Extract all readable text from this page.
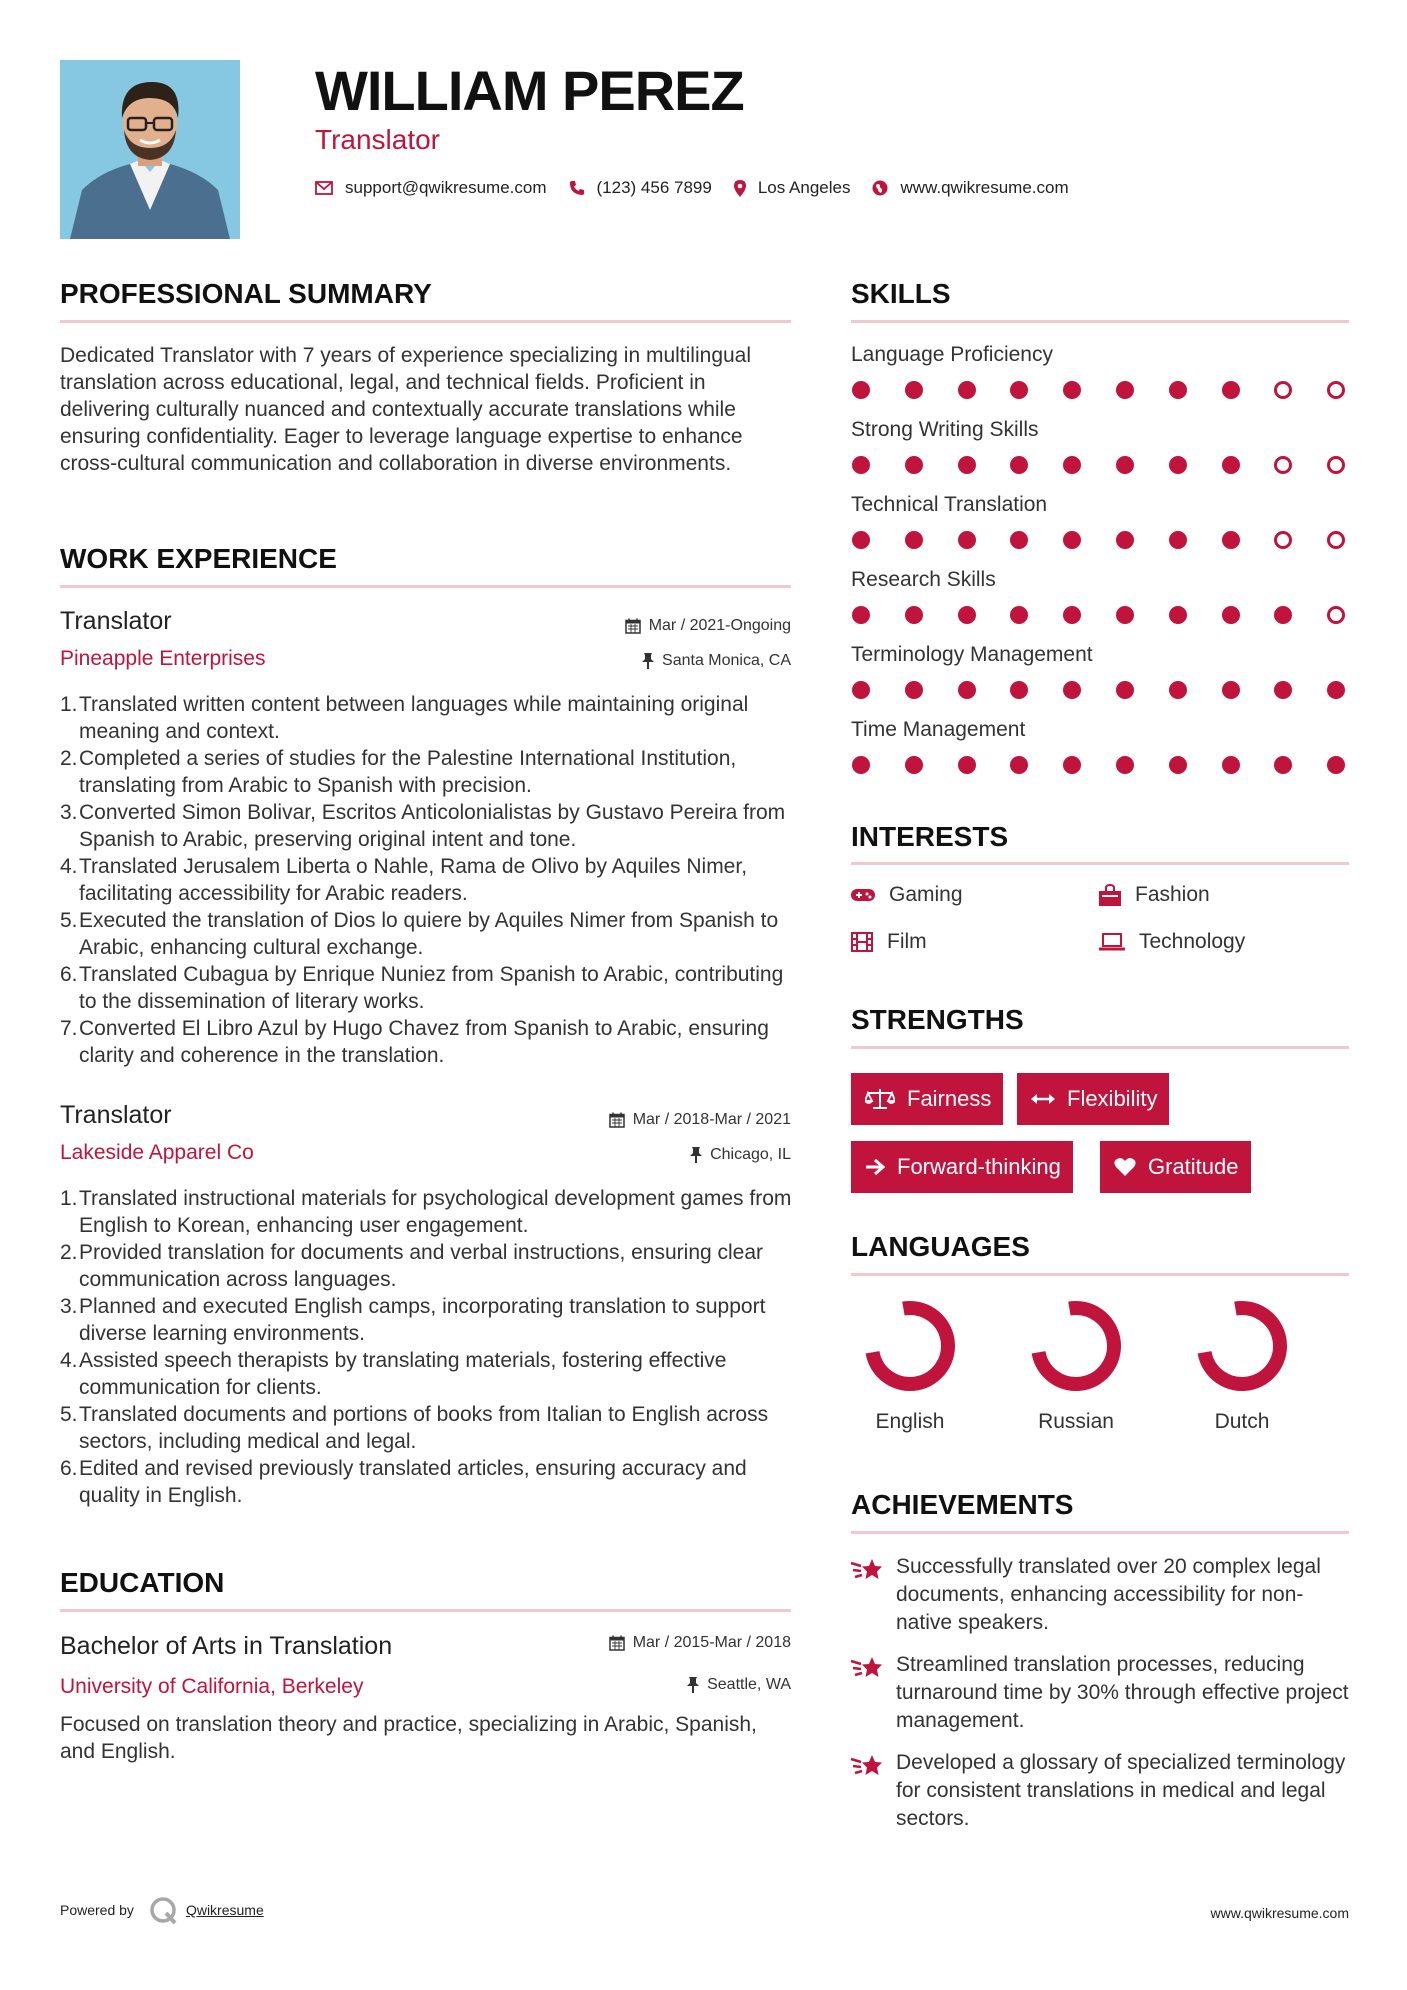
WILLIAM PEREZ
Translator
support@qwikresume.com	(123) 456 7899	Los Angeles	www.qwikresume.com
PROFESSIONAL SUMMARY
Dedicated Translator with 7 years of experience specializing in multilingual translation across educational, legal, and technical fields. Proficient in delivering culturally nuanced and contextually accurate translations while ensuring confidentiality. Eager to leverage language expertise to enhance cross-cultural communication and collaboration in diverse environments.
WORK EXPERIENCE
Translator	Mar / 2021-Ongoing
Pineapple Enterprises	Santa Monica, CA
1. Translated written content between languages while maintaining original meaning and context.
2. Completed a series of studies for the Palestine International Institution, translating from Arabic to Spanish with precision.
3. Converted Simon Bolivar, Escritos Anticolonialistas by Gustavo Pereira from Spanish to Arabic, preserving original intent and tone.
4. Translated Jerusalem Liberta o Nahle, Rama de Olivo by Aquiles Nimer, facilitating accessibility for Arabic readers.
5. Executed the translation of Dios lo quiere by Aquiles Nimer from Spanish to Arabic, enhancing cultural exchange.
6. Translated Cubagua by Enrique Nuniez from Spanish to Arabic, contributing to the dissemination of literary works.
7. Converted El Libro Azul by Hugo Chavez from Spanish to Arabic, ensuring clarity and coherence in the translation.
Translator	Mar / 2018-Mar / 2021
Lakeside Apparel Co	Chicago, IL
1. Translated instructional materials for psychological development games from English to Korean, enhancing user engagement.
2. Provided translation for documents and verbal instructions, ensuring clear communication across languages.
3. Planned and executed English camps, incorporating translation to support diverse learning environments.
4. Assisted speech therapists by translating materials, fostering effective communication for clients.
5. Translated documents and portions of books from Italian to English across sectors, including medical and legal.
6. Edited and revised previously translated articles, ensuring accuracy and quality in English.
EDUCATION
Bachelor of Arts in Translation	Mar / 2015-Mar / 2018
University of California, Berkeley	Seattle, WA
Focused on translation theory and practice, specializing in Arabic, Spanish, and English.
SKILLS
Language Proficiency
Strong Writing Skills
Technical Translation
Research Skills
Terminology Management
Time Management
INTERESTS
Gaming	Fashion
Film	Technology
STRENGTHS
Fairness	Flexibility
Forward-thinking	Gratitude
LANGUAGES
English	Russian	Dutch
ACHIEVEMENTS
Successfully translated over 20 complex legal documents, enhancing accessibility for non-native speakers.
Streamlined translation processes, reducing turnaround time by 30% through effective project management.
Developed a glossary of specialized terminology for consistent translations in medical and legal sectors.
Powered by	Qwikresume	www.qwikresume.com
